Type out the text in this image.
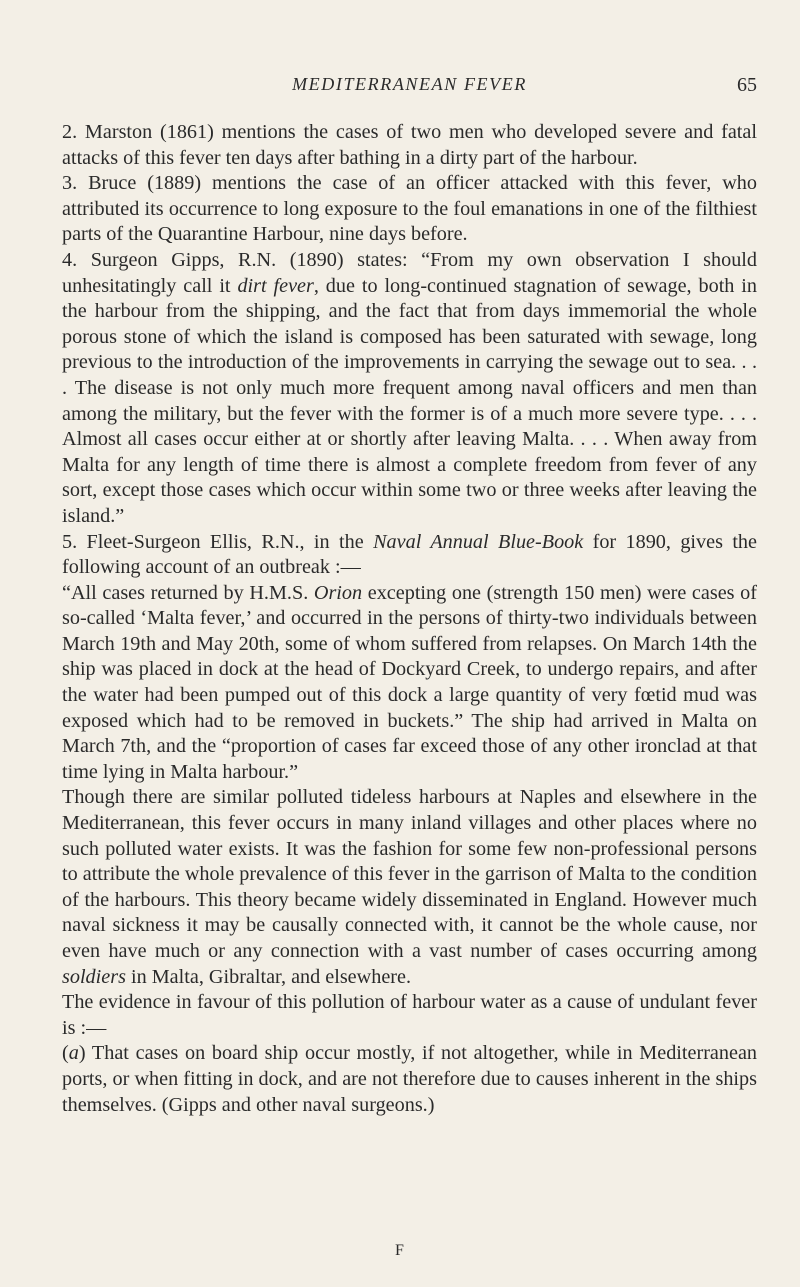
MEDITERRANEAN FEVER	65

2. Marston (1861) mentions the cases of two men who developed severe and fatal attacks of this fever ten days after bathing in a dirty part of the harbour.

3. Bruce (1889) mentions the case of an officer attacked with this fever, who attributed its occurrence to long exposure to the foul emanations in one of the filthiest parts of the Quarantine Harbour, nine days before.

4. Surgeon Gipps, R.N. (1890) states: “From my own observation I should unhesitatingly call it dirt fever, due to long-continued stagnation of sewage, both in the harbour from the shipping, and the fact that from days immemorial the whole porous stone of which the island is composed has been saturated with sewage, long previous to the introduction of the improvements in carrying the sewage out to sea. . . . The disease is not only much more frequent among naval officers and men than among the military, but the fever with the former is of a much more severe type. . . . Almost all cases occur either at or shortly after leaving Malta. . . . When away from Malta for any length of time there is almost a complete freedom from fever of any sort, except those cases which occur within some two or three weeks after leaving the island.”

5. Fleet-Surgeon Ellis, R.N., in the Naval Annual Blue-Book for 1890, gives the following account of an outbreak :—

“All cases returned by H.M.S. Orion excepting one (strength 150 men) were cases of so-called ‘Malta fever,’ and occurred in the persons of thirty-two individuals between March 19th and May 20th, some of whom suffered from relapses. On March 14th the ship was placed in dock at the head of Dockyard Creek, to undergo repairs, and after the water had been pumped out of this dock a large quantity of very fœtid mud was exposed which had to be removed in buckets.” The ship had arrived in Malta on March 7th, and the “proportion of cases far exceed those of any other ironclad at that time lying in Malta harbour.”

Though there are similar polluted tideless harbours at Naples and elsewhere in the Mediterranean, this fever occurs in many inland villages and other places where no such polluted water exists. It was the fashion for some few non-professional persons to attribute the whole prevalence of this fever in the garrison of Malta to the condition of the harbours. This theory became widely disseminated in England. However much naval sickness it may be causally connected with, it cannot be the whole cause, nor even have much or any connection with a vast number of cases occurring among soldiers in Malta, Gibraltar, and elsewhere.

The evidence in favour of this pollution of harbour water as a cause of undulant fever is :—

(a) That cases on board ship occur mostly, if not altogether, while in Mediterranean ports, or when fitting in dock, and are not therefore due to causes inherent in the ships themselves. (Gipps and other naval surgeons.)

F
